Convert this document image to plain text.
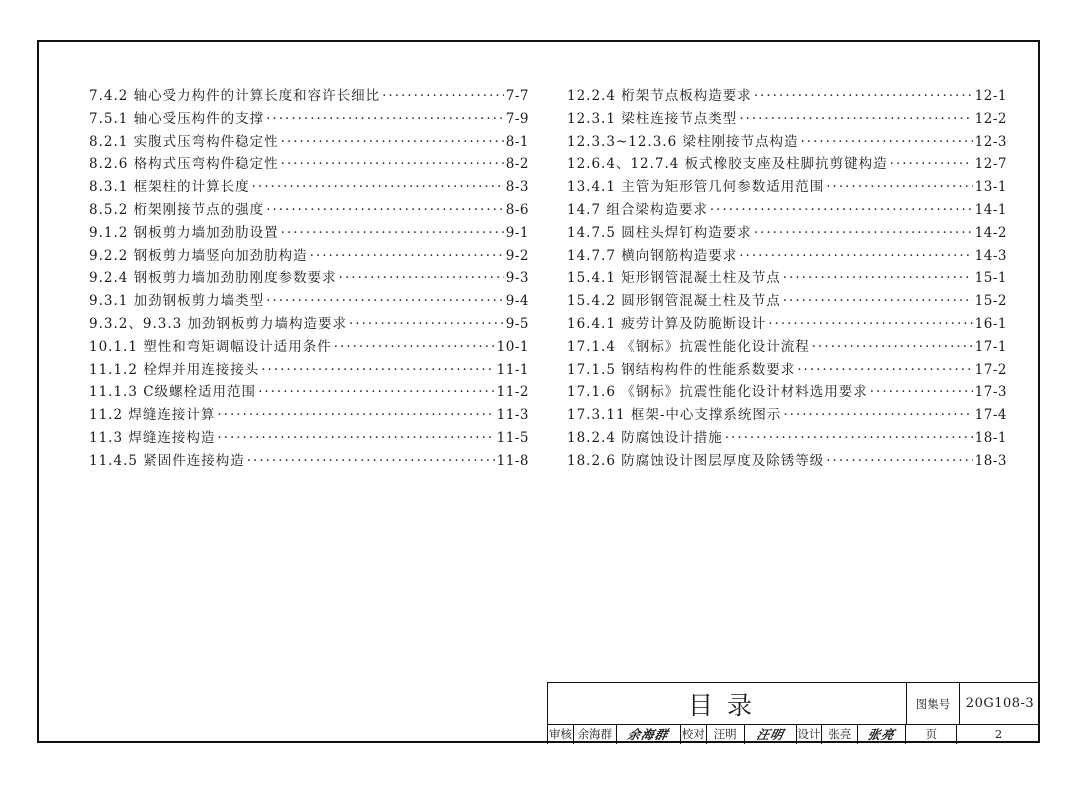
7.4.2 轴心受力构件的计算长度和容许长细比 ·····	7-7
7.5.1 轴心受压构件的支撑 ·····	7-9
8.2.1 实腹式压弯构件稳定性 ·····	8-1
8.2.6 格构式压弯构件稳定性 ·····	8-2
8.3.1 框架柱的计算长度 ·····	8-3
8.5.2 桁架刚接节点的强度 ·····	8-6
9.1.2 钢板剪力墙加劲肋设置 ·····	9-1
9.2.2 钢板剪力墙竖向加劲肋构造 ·····	9-2
9.2.4 钢板剪力墙加劲肋刚度参数要求 ·····	9-3
9.3.1 加劲钢板剪力墙类型 ·····	9-4
9.3.2、9.3.3 加劲钢板剪力墙构造要求 ·····	9-5
10.1.1 塑性和弯矩调幅设计适用条件 ·····	10-1
11.1.2 栓焊并用连接接头 ·····	11-1
11.1.3 C级螺栓适用范围 ·····	11-2
11.2 焊缝连接计算 ·····	11-3
11.3 焊缝连接构造 ·····	11-5
11.4.5 紧固件连接构造 ·····	11-8
12.2.4 桁架节点板构造要求 ·····	12-1
12.3.1 梁柱连接节点类型 ·····	12-2
12.3.3~12.3.6 梁柱刚接节点构造 ·····	12-3
12.6.4、12.7.4 板式橡胶支座及柱脚抗剪键构造 ·····	12-7
13.4.1 主管为矩形管几何参数适用范围 ·····	13-1
14.7 组合梁构造要求 ·····	14-1
14.7.5 圆柱头焊钉构造要求 ·····	14-2
14.7.7 横向钢筋构造要求 ·····	14-3
15.4.1 矩形钢管混凝土柱及节点 ·····	15-1
15.4.2 圆形钢管混凝土柱及节点 ·····	15-2
16.4.1 疲劳计算及防脆断设计 ·····	16-1
17.1.4 《钢标》抗震性能化设计流程 ·····	17-1
17.1.5 钢结构构件的性能系数要求 ·····	17-2
17.1.6 《钢标》抗震性能化设计材料选用要求 ·····	17-3
17.3.11 框架-中心支撑系统图示 ·····	17-4
18.2.4 防腐蚀设计措施 ·····	18-1
18.2.6 防腐蚀设计图层厚度及除锈等级 ·····	18-3
目录	图集号	20G108-3
审核 余海群	余海群 校对 汪明	汪明 设计 张亮	张亮	页	2
